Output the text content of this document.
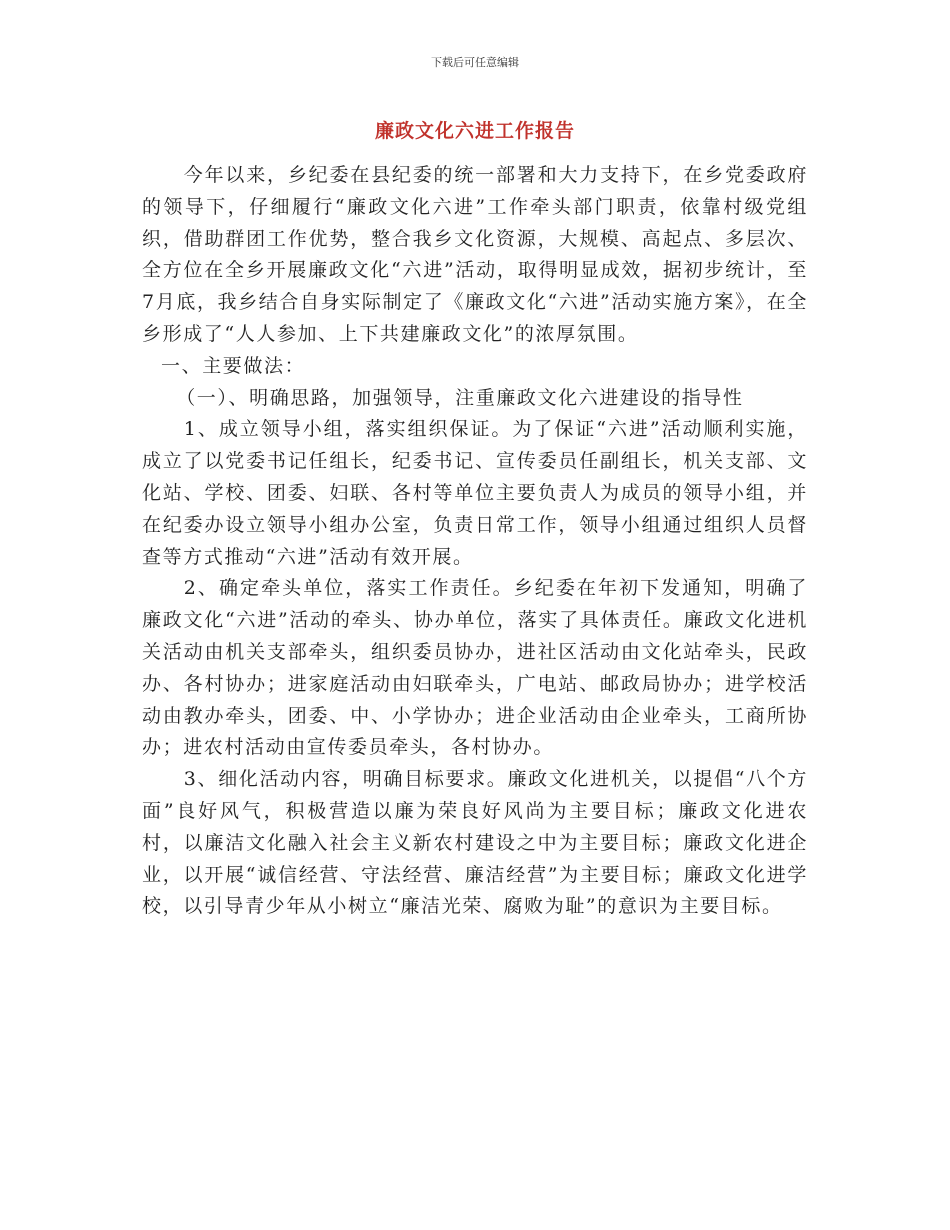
下载后可任意编辑
廉政文化六进工作报告

今年以来，乡纪委在县纪委的统一部署和大力支持下，在乡党委政府的领导下，仔细履行“廉政文化六进”工作牵头部门职责，依靠村级党组织，借助群团工作优势，整合我乡文化资源，大规模、高起点、多层次、全方位在全乡开展廉政文化“六进”活动，取得明显成效，据初步统计，至7月底，我乡结合自身实际制定了《廉政文化“六进”活动实施方案》，在全乡形成了“人人参加、上下共建廉政文化”的浓厚氛围。

一、主要做法：

（一）、明确思路，加强领导，注重廉政文化六进建设的指导性

1、成立领导小组，落实组织保证。为了保证“六进”活动顺利实施，成立了以党委书记任组长，纪委书记、宣传委员任副组长，机关支部、文化站、学校、团委、妇联、各村等单位主要负责人为成员的领导小组，并在纪委办设立领导小组办公室，负责日常工作，领导小组通过组织人员督查等方式推动“六进”活动有效开展。

2、确定牵头单位，落实工作责任。乡纪委在年初下发通知，明确了廉政文化“六进”活动的牵头、协办单位，落实了具体责任。廉政文化进机关活动由机关支部牵头，组织委员协办，进社区活动由文化站牵头，民政办、各村协办；进家庭活动由妇联牵头，广电站、邮政局协办；进学校活动由教办牵头，团委、中、小学协办；进企业活动由企业牵头，工商所协办；进农村活动由宣传委员牵头，各村协办。

3、细化活动内容，明确目标要求。廉政文化进机关，以提倡“八个方面”良好风气，积极营造以廉为荣良好风尚为主要目标；廉政文化进农村，以廉洁文化融入社会主义新农村建设之中为主要目标；廉政文化进企业，以开展“诚信经营、守法经营、廉洁经营”为主要目标；廉政文化进学校，以引导青少年从小树立“廉洁光荣、腐败为耻”的意识为主要目标。
